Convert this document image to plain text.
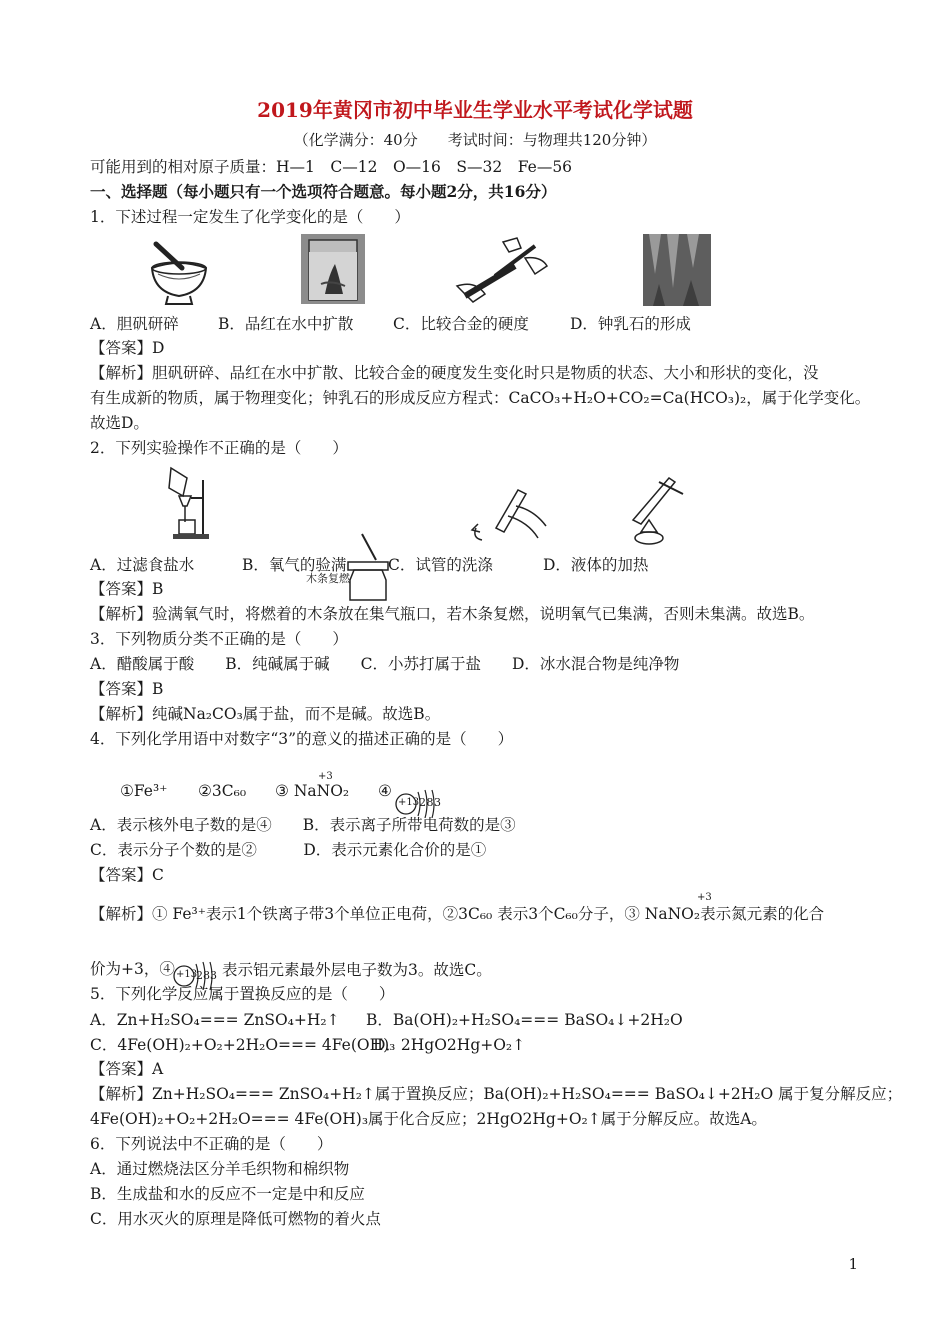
2019年黄冈市初中毕业生学业水平考试化学试题
（化学满分：40分　　考试时间：与物理共120分钟）
可能用到的相对原子质量：H—1　C—12　O—16　S—32　Fe—56
一、选择题（每小题只有一个选项符合题意。每小题2分，共16分）
1．下述过程一定发生了化学变化的是（　　）
A．胆矾研碎	B．品红在水中扩散	C．比较合金的硬度	D．钟乳石的形成
【答案】D
【解析】胆矾研碎、品红在水中扩散、比较合金的硬度发生变化时只是物质的状态、大小和形状的变化，没
有生成新的物质，属于物理变化；钟乳石的形成反应方程式：CaCO₃+H₂O+CO₂=Ca(HCO₃)₂，属于化学变化。
故选D。
2．下列实验操作不正确的是（　　）
木条复燃
A．过滤食盐水	B．氧气的验满	C．试管的洗涤	D．液体的加热
【答案】B
【解析】验满氧气时，将燃着的木条放在集气瓶口，若木条复燃，说明氧气已集满，否则未集满。故选B。
3．下列物质分类不正确的是（　　）
A．醋酸属于酸　　B．纯碱属于碱　　C．小苏打属于盐　　D．冰水混合物是纯净物
【答案】B
【解析】纯碱Na₂CO₃属于盐，而不是碱。故选B。
4．下列化学用语中对数字“3”的意义的描述正确的是（　　）
+3
①Fe³⁺ ②3C₆₀ ③ NaNO₂ ④
+13 283
A．表示核外电子数的是④　　B．表示离子所带电荷数的是③
C．表示分子个数的是②　　　D．表示元素化合价的是①
【答案】C
+3
【解析】① Fe³⁺表示1个铁离子带3个单位正电荷，②3C₆₀ 表示3个C₆₀分子，③ NaNO₂表示氮元素的化合
价为+3，④ +13
283 表示铝元素最外层电子数为3。故选C。
5．下列化学反应属于置换反应的是（　　）
A．Zn+H₂SO₄=== ZnSO₄+H₂↑ B．Ba(OH)₂+H₂SO₄=== BaSO₄↓+2H₂O
C．4Fe(OH)₂+O₂+2H₂O=== 4Fe(OH)₃
D．2HgO2Hg+O₂↑
【答案】A
【解析】Zn+H₂SO₄=== ZnSO₄+H₂↑属于置换反应；Ba(OH)₂+H₂SO₄=== BaSO₄↓+2H₂O 属于复分解反应；
4Fe(OH)₂+O₂+2H₂O=== 4Fe(OH)₃属于化合反应；2HgO2Hg+O₂↑属于分解反应。故选A。
6．下列说法中不正确的是（　　）
A．通过燃烧法区分羊毛织物和棉织物
B．生成盐和水的反应不一定是中和反应
C．用水灭火的原理是降低可燃物的着火点
1
